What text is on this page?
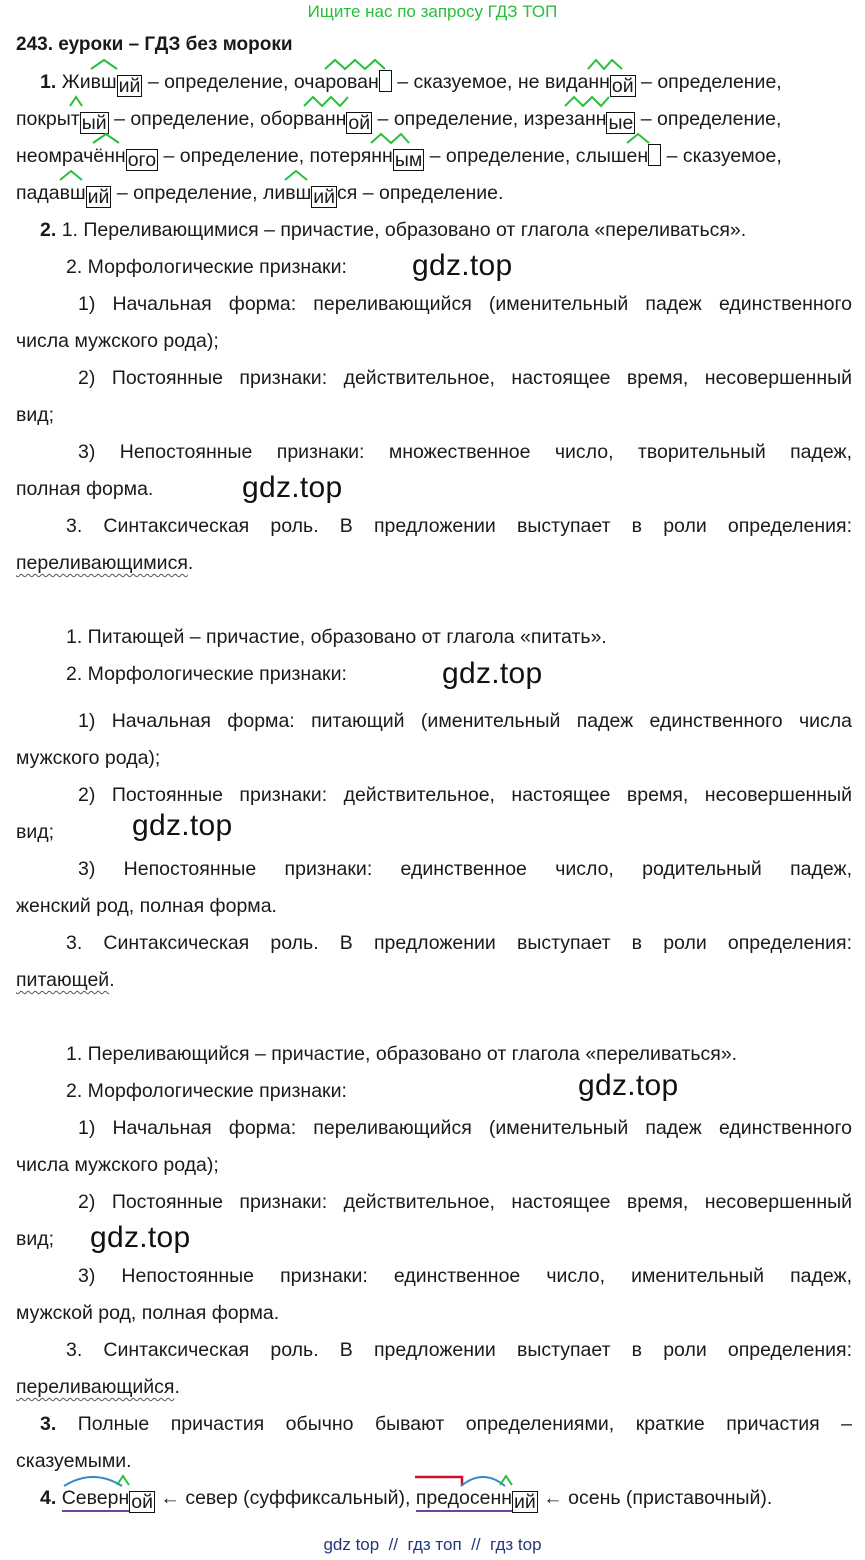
Ищите нас по запросу ГДЗ ТОП
243. еуроки – ГДЗ без мороки
1. Жи
вш ий – определение, оча
рован – сказуемое, не вида
нн ой – определение,
покры
т ый – определение, обор
ванн ой – определение, изре
занн ые – определение,
неомрач
ённ ого – определение, потеря
нн ым – определение, слыш
ен – сказуемое,
пада
вш ий – определение, ли
вш ий ся – определение.
2. 1. Переливающимися – причастие, образовано от глагола «переливаться».
2. Морфологические признаки: gdz.top
1) Начальная форма: переливающийся (именительный падеж единственного
числа мужского рода);
2) Постоянные признаки: действительное, настоящее время, несовершенный
вид;
3) Непостоянные признаки: множественное число, творительный падеж,
полная форма.	gdz.top
3. Синтаксическая роль. В предложении выступает в роли определения:
переливающимися.
1. Питающей – причастие, образовано от глагола «питать».
2. Морфологические признаки:	gdz.top
1) Начальная форма: питающий (именительный падеж единственного числа
мужского рода);
2) Постоянные признаки: действительное, настоящее время, несовершенный
вид;	gdz.top
3) Непостоянные признаки: единственное число, родительный падеж,
женский род, полная форма.
3. Синтаксическая роль. В предложении выступает в роли определения:
питающей.
1. Переливающийся – причастие, образовано от глагола «переливаться».
2. Морфологические признаки:	gdz.top
1) Начальная форма: переливающийся (именительный падеж единственного
числа мужского рода);
2) Постоянные признаки: действительное, настоящее время, несовершенный
вид; gdz.top
3) Непостоянные признаки: единственное число, именительный падеж,
мужской род, полная форма.
3. Синтаксическая роль. В предложении выступает в роли определения:
переливающийся.
3. Полные причастия обычно бывают определениями, краткие причастия –
сказуемыми.
4. Север
н ой ← север (суффиксальный),
пред
осен
н ий ← осень (приставочный).
gdz top  //  гдз топ  //  гдз top
